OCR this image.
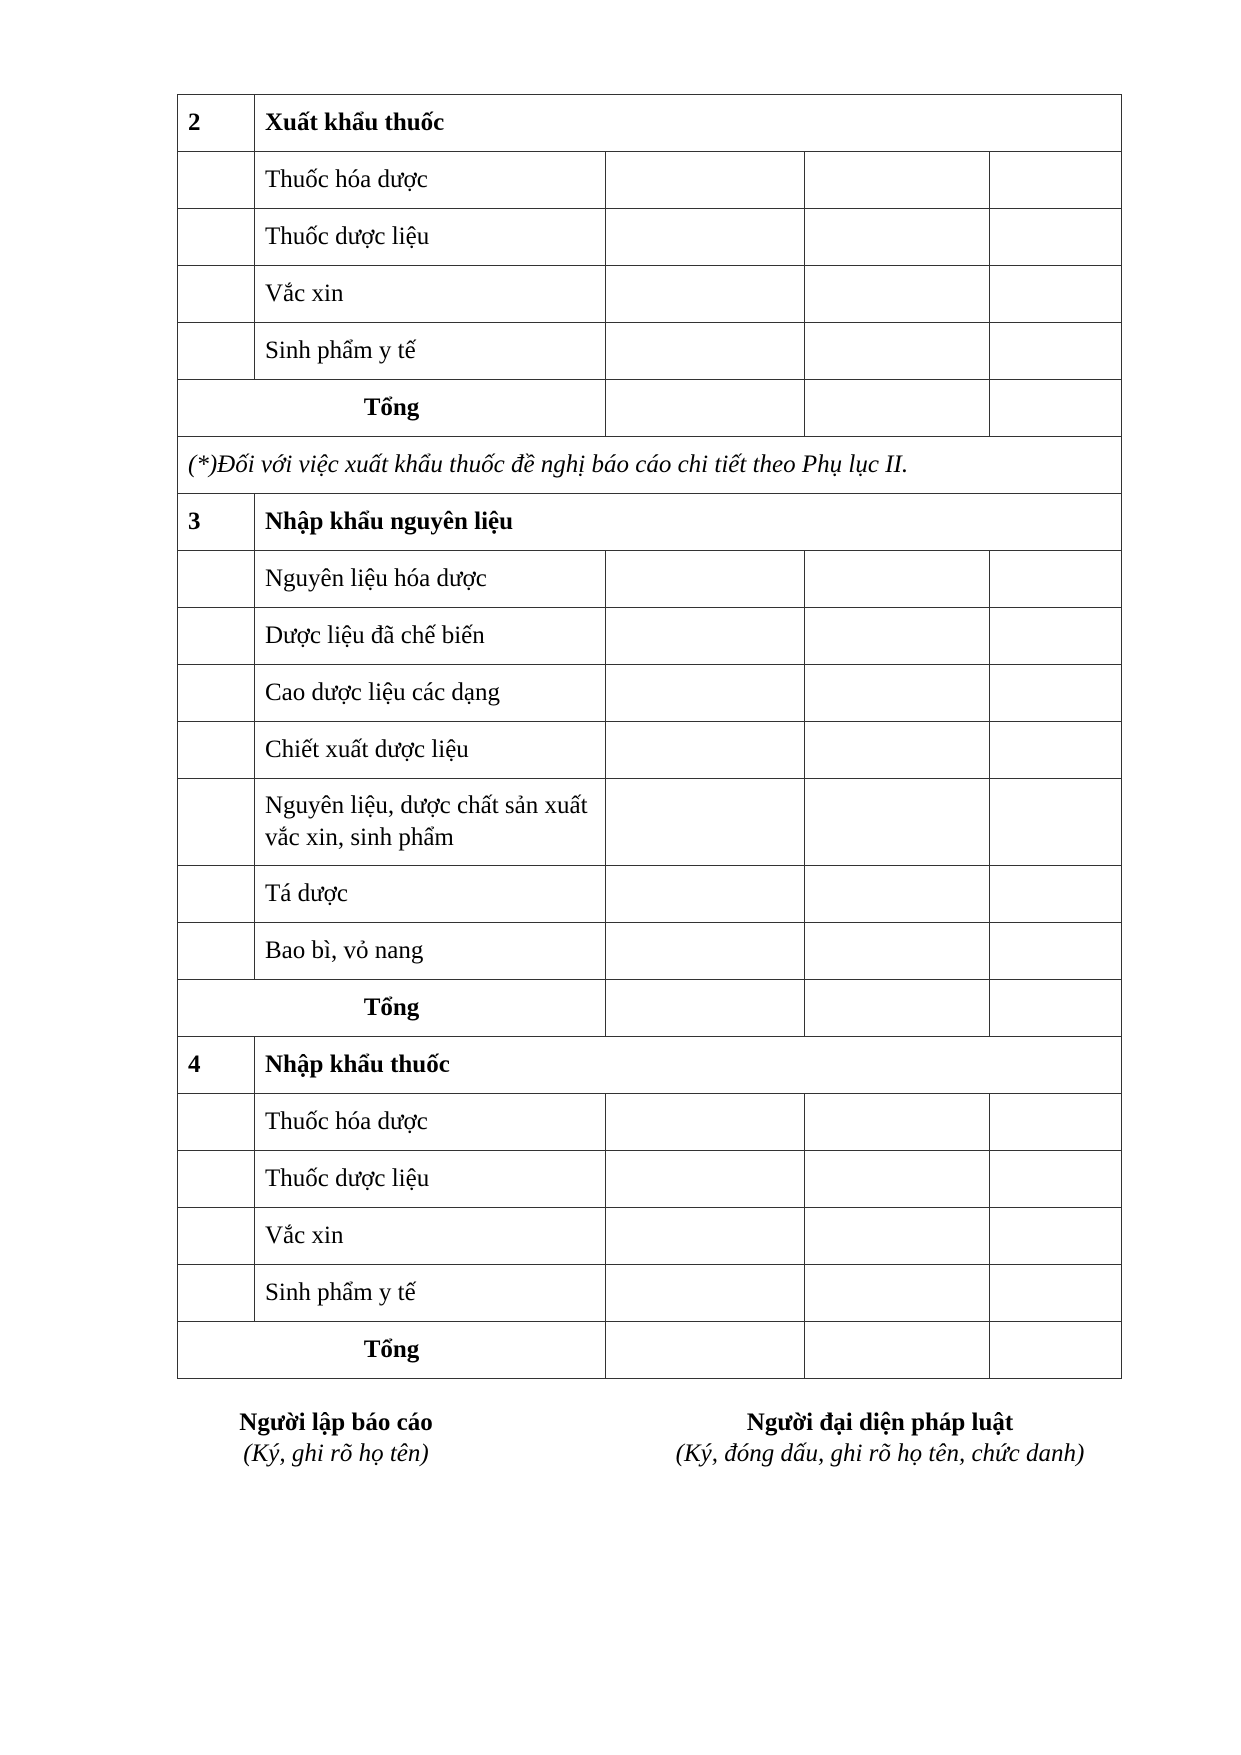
2	Xuất khẩu thuốc			
	Thuốc hóa dược			
	Thuốc dược liệu			
	Vắc xin			
	Sinh phẩm y tế			
Tổng				
(*)Đối với việc xuất khẩu thuốc đề nghị báo cáo chi tiết theo Phụ lục II.				
3	Nhập khẩu nguyên liệu			
	Nguyên liệu hóa dược			
	Dược liệu đã chế biến			
	Cao dược liệu các dạng			
	Chiết xuất dược liệu			
	Nguyên liệu, dược chất sản xuất vắc xin, sinh phẩm			
	Tá dược			
	Bao bì, vỏ nang			
Tổng				
4	Nhập khẩu thuốc			
	Thuốc hóa dược			
	Thuốc dược liệu			
	Vắc xin			
	Sinh phẩm y tế			
Tổng				
Người lập báo cáo
(Ký, ghi rõ họ tên)
Người đại diện pháp luật
(Ký, đóng dấu, ghi rõ họ tên, chức danh)
